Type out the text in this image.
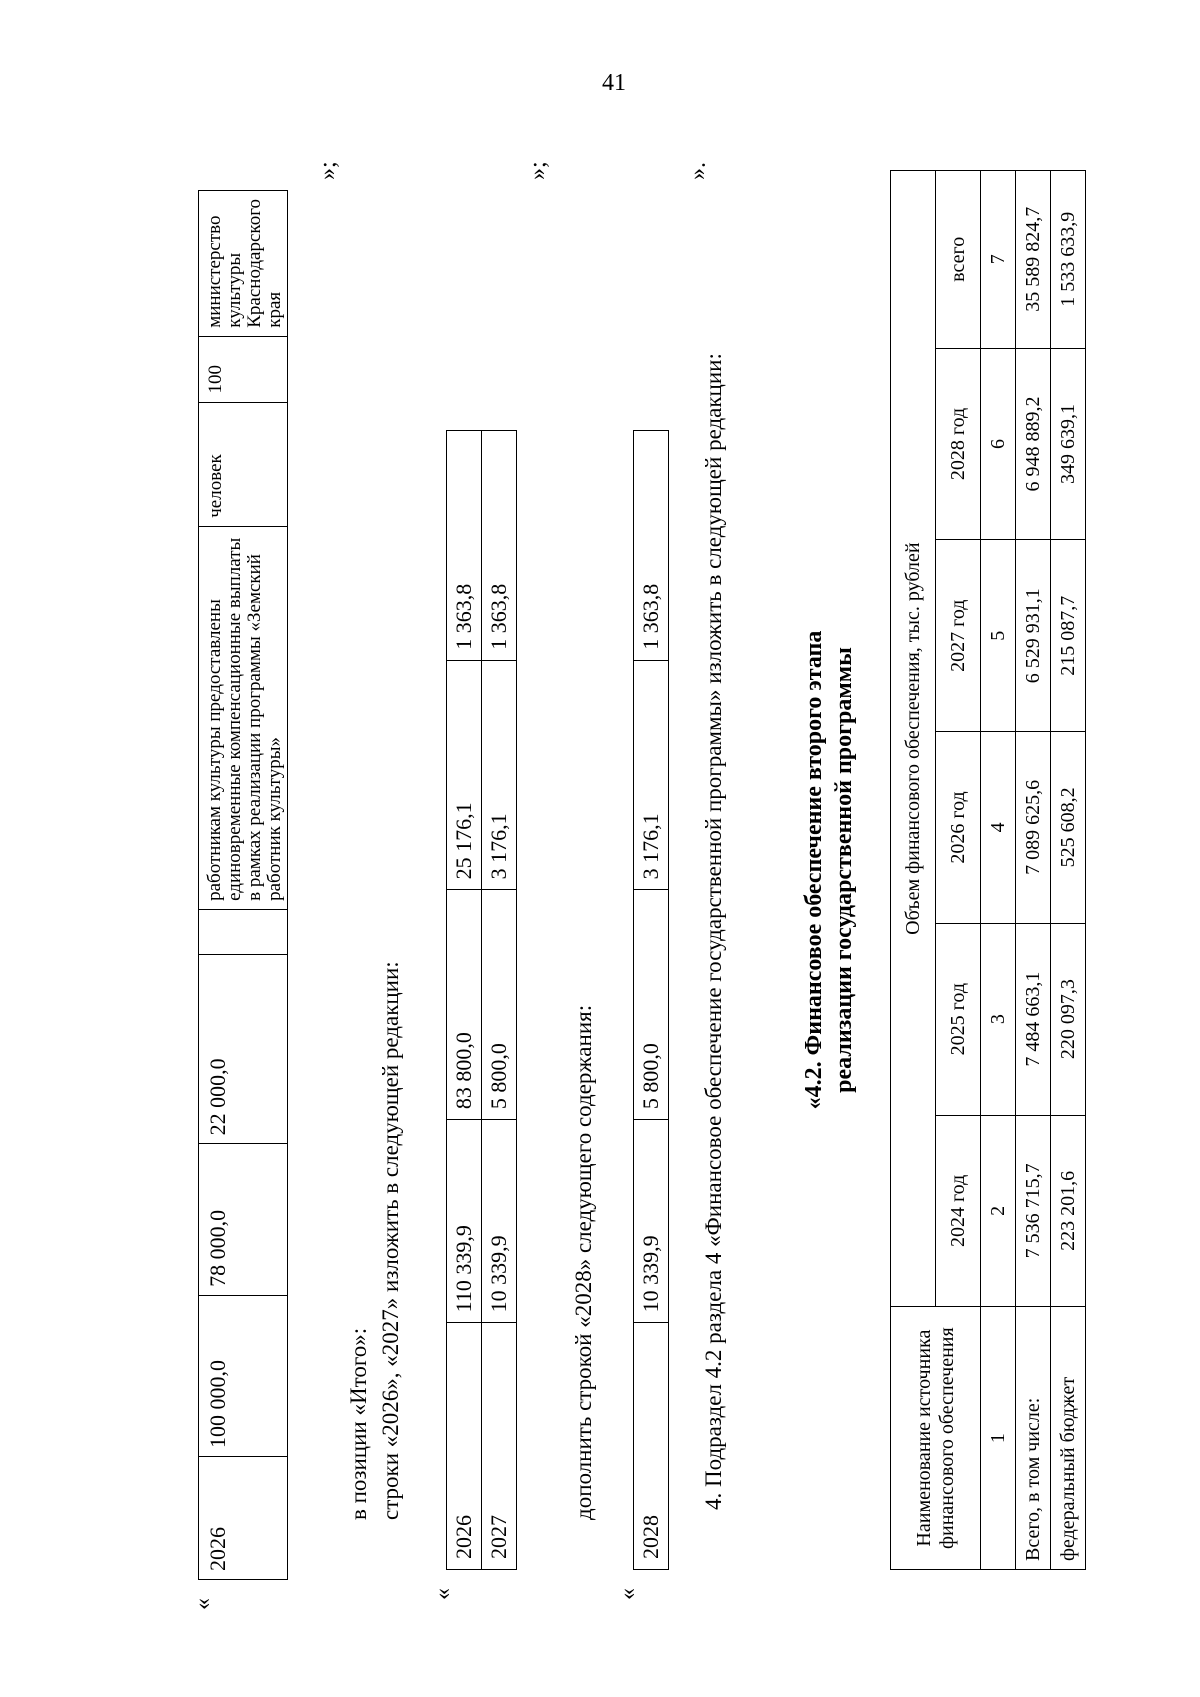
41
«
2026	100 000,0	78 000,0	22 000,0		работникам культуры предоставлены единовременные компенсационные выплаты в рамках реализации программы «Земский работник культуры»	человек	100	министерство культуры Краснодарского края
»;
в позиции «Итого»: строки «2026», «2027» изложить в следующей редакции:
«
2026	110 339,9	83 800,0	25 176,1	1 363,8
2027	10 339,9	5 800,0	3 176,1	1 363,8
»;
дополнить строкой «2028» следующего содержания:
«
2028	10 339,9	5 800,0	3 176,1	1 363,8
».
4. Подраздел 4.2 раздела 4 «Финансовое обеспечение государственной программы» изложить в следующей редакции:	«4.2. Финансовое обеспечение второго этапа реализации государственной программы
Наименование источника финансового обеспечения	Объем финансового обеспечения, тыс. рублей					
	2024 год	2025 год	2026 год	2027 год	2028 год	всего
1	2	3	4	5	6	7
Всего, в том числе:	7 536 715,7	7 484 663,1	7 089 625,6	6 529 931,1	6 948 889,2	35 589 824,7
федеральный бюджет	223 201,6	220 097,3	525 608,2	215 087,7	349 639,1	1 533 633,9
